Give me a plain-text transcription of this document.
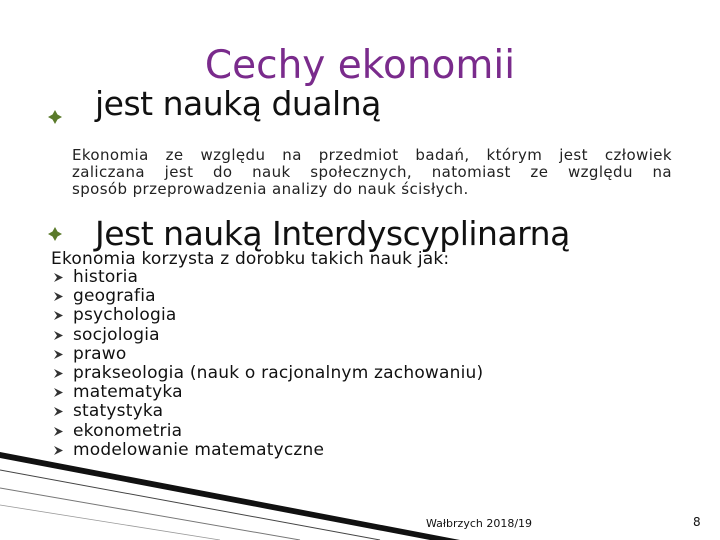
Cechy ekonomii
jest nauką dualną
Ekonomia ze względu na przedmiot badań, którym jest człowiek
zaliczana jest do nauk społecznych, natomiast ze względu na
sposób przeprowadzenia analizy do nauk ścisłych.
Jest nauką Interdyscyplinarną
Ekonomia korzysta z dorobku takich nauk jak:
historia
geografia
psychologia
socjologia
prawo
prakseologia (nauk o racjonalnym zachowaniu)
matematyka
statystyka
ekonometria
modelowanie matematyczne
Wałbrzych 2018/19	8
